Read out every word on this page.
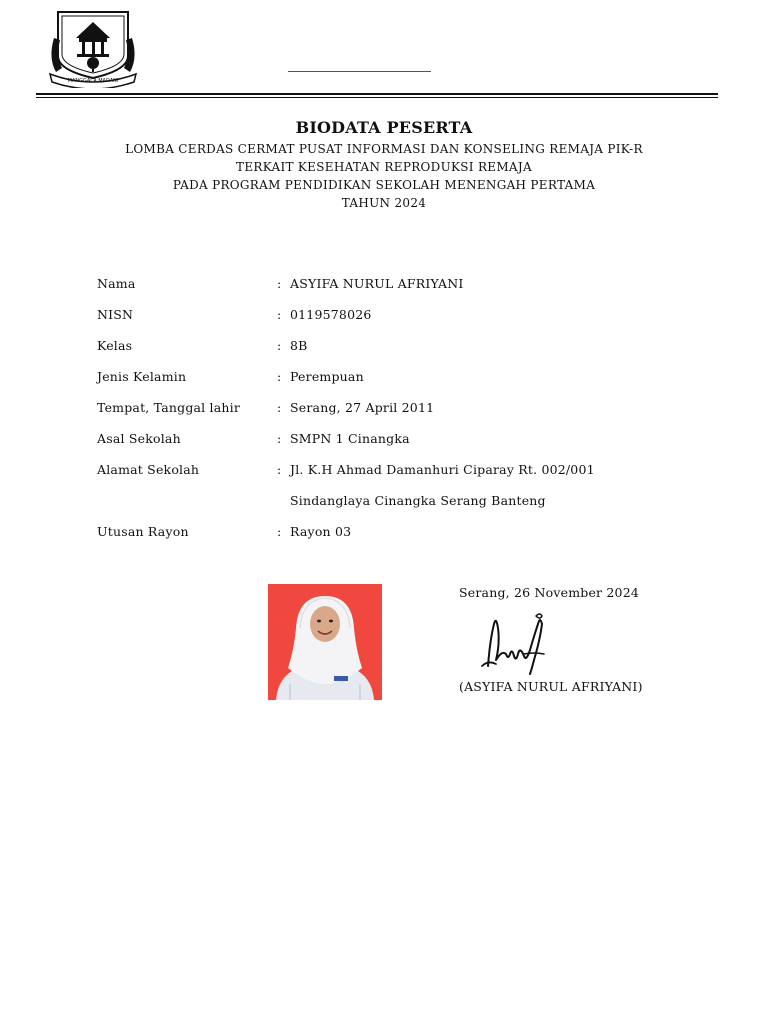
MANGGALA MADANI
BIODATA PESERTA
LOMBA CERDAS CERMAT PUSAT INFORMASI DAN KONSELING REMAJA PIK-R
TERKAIT KESEHATAN REPRODUKSI REMAJA
PADA PROGRAM PENDIDIKAN SEKOLAH MENENGAH PERTAMA
TAHUN 2024
Nama	: ASYIFA NURUL AFRIYANI
NISN	: 0119578026
Kelas	: 8B
Jenis Kelamin	: Perempuan
Tempat, Tanggal lahir	: Serang, 27 April 2011
Asal Sekolah	: SMPN 1 Cinangka
Alamat Sekolah	: Jl. K.H Ahmad Damanhuri Ciparay Rt. 002/001
Sindanglaya Cinangka Serang Banteng
Utusan Rayon	: Rayon 03
Serang, 26 November 2024
(ASYIFA NURUL AFRIYANI)
